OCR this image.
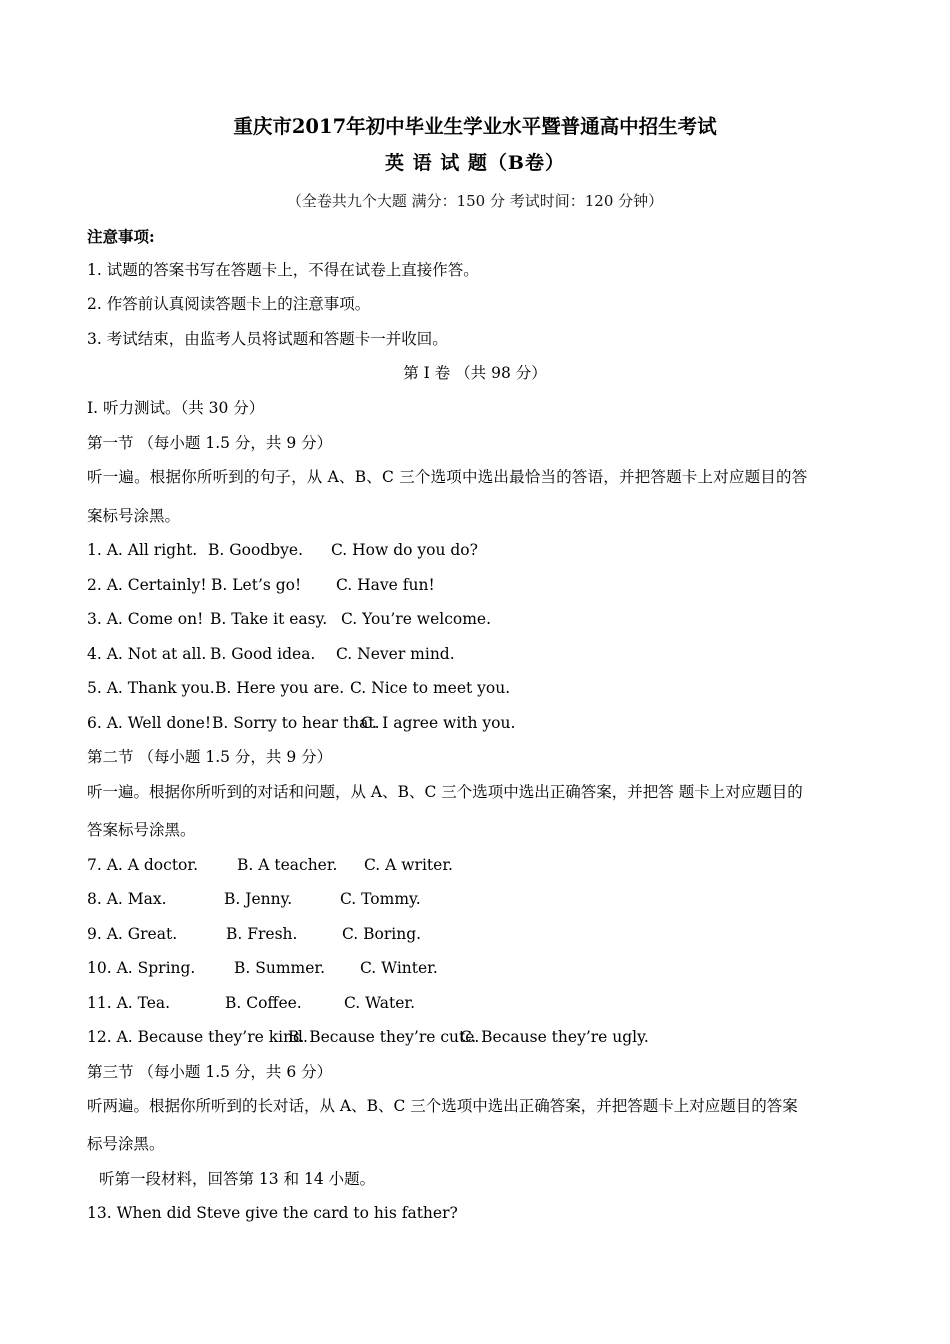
重庆市2017年初中毕业生学业水平暨普通高中招生考试
英 语 试 题（B卷）
（全卷共九个大题 满分：150 分 考试时间：120 分钟）
注意事项:
1. 试题的答案书写在答题卡上，不得在试卷上直接作答。
2. 作答前认真阅读答题卡上的注意事项。
3. 考试结束，由监考人员将试题和答题卡一并收回。
第 I 卷 （共 98 分）
I. 听力测试。（共 30 分）
第一节 （每小题 1.5 分，共 9 分）
听一遍。根据你所听到的句子，从 A、B、C 三个选项中选出最恰当的答语，并把答题卡上对应题目的答
案标号涂黑。
1. A. All right. B. Goodbye. C. How do you do?
2. A. Certainly! B. Let’s go! C. Have fun!
3. A. Come on! B. Take it easy. C. You’re welcome.
4. A. Not at all. B. Good idea. C. Never mind.
5. A. Thank you. B. Here you are. C. Nice to meet you.
6. A. Well done! B. Sorry to hear that.
C. I agree with you.
第二节 （每小题 1.5 分，共 9 分）
听一遍。根据你所听到的对话和问题，从 A、B、C 三个选项中选出正确答案，并把答 题卡上对应题目的
答案标号涂黑。
7. A. A doctor.	B. A teacher. C. A writer.
8. A. Max.	B. Jenny.	C. Tommy.
9. A. Great.	B. Fresh.	C. Boring.
10. A. Spring. B. Summer. C. Winter.
11. A. Tea.	B. Coffee.	C. Water.
12. A. Because they’re kind.
B. Because they’re cute.
C. Because they’re ugly.
第三节 （每小题 1.5 分，共 6 分）
听两遍。根据你所听到的长对话，从 A、B、C 三个选项中选出正确答案，并把答题卡上对应题目的答案
标号涂黑。
听第一段材料，回答第 13 和 14 小题。
13. When did Steve give the card to his father?
